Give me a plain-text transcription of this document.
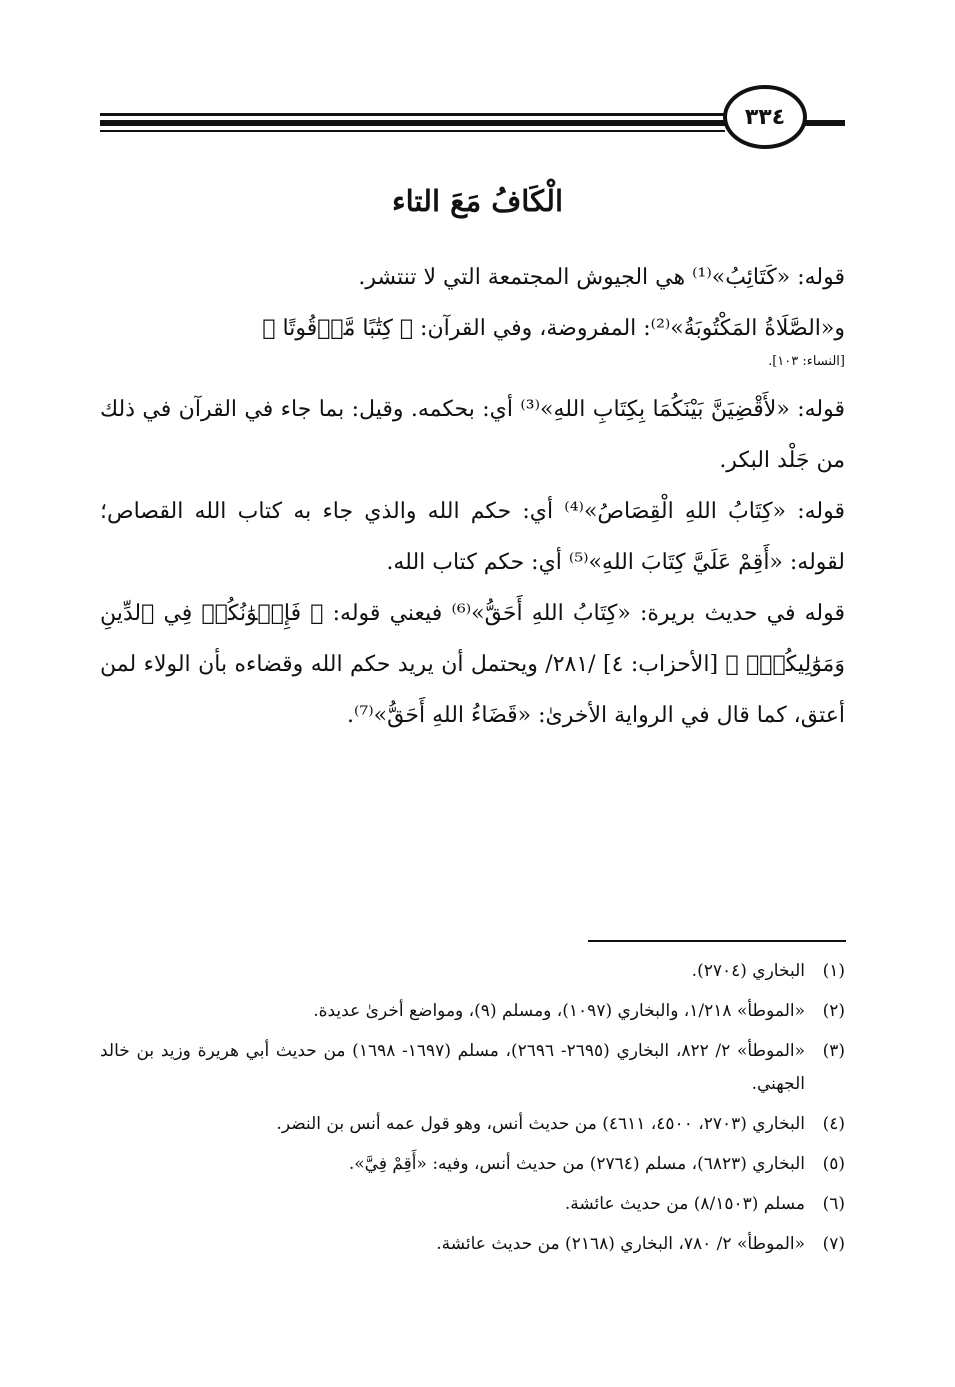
٣٣٤
الْكَافُ مَعَ التاء

قوله: «كَتَائِبُ»⁽¹⁾ هي الجيوش المجتمعة التي لا تنتشر.

و«الصَّلَاةُ المَكْتُوبَةُ»⁽²⁾: المفروضة، وفي القرآن: ﴿ كِتَٰبًا مَّوۡقُوتًا ﴾

[النساء: ١٠٣].

قوله: «لأَقْضِيَنَّ بَيْنَكُمَا بِكِتَابِ اللهِ»⁽³⁾ أي: بحكمه. وقيل: بما جاء في القرآن في ذلك من جَلْد البكر.

قوله: «كِتَابُ اللهِ الْقِصَاصُ»⁽⁴⁾ أي: حكم الله والذي جاء به كتاب الله القصاص؛ لقوله: «أَقِمْ عَلَيَّ كِتَابَ اللهِ»⁽⁵⁾ أي: حكم كتاب الله.

قوله في حديث بريرة: «كِتَابُ اللهِ أَحَقُّ»⁽⁶⁾ فيعني قوله: ﴿ فَإِخۡوَٰنُكُمۡ فِي ٱلدِّينِ وَمَوَٰلِيكُمۡۚ ﴾ [الأحزاب: ٤] /٢٨١/ ويحتمل أن يريد حكم الله وقضاءه بأن الولاء لمن أعتق، كما قال في الرواية الأخرىٰ: «قَضَاءُ اللهِ أَحَقُّ»⁽⁷⁾.

(١)
البخاري (٢٧٠٤).
(٢)
«الموطأ» ١/٢١٨، والبخاري (١٠٩٧)، ومسلم (٩)، ومواضع أخرىٰ عديدة.
(٣)
«الموطأ» ٢/ ٨٢٢، البخاري (٢٦٩٥- ٢٦٩٦)، مسلم (١٦٩٧- ١٦٩٨) من حديث أبي هريرة وزيد بن خالد الجهني.
(٤)
البخاري (٢٧٠٣، ٤٥٠٠، ٤٦١١) من حديث أنس، وهو قول عمه أنس بن النضر.
(٥)
البخاري (٦٨٢٣)، مسلم (٢٧٦٤) من حديث أنس، وفيه: «أَقِمْ فِيَّ».
(٦)
مسلم (٨/١٥٠٣) من حديث عائشة.
(٧)
«الموطأ» ٢/ ٧٨٠، البخاري (٢١٦٨) من حديث عائشة.
